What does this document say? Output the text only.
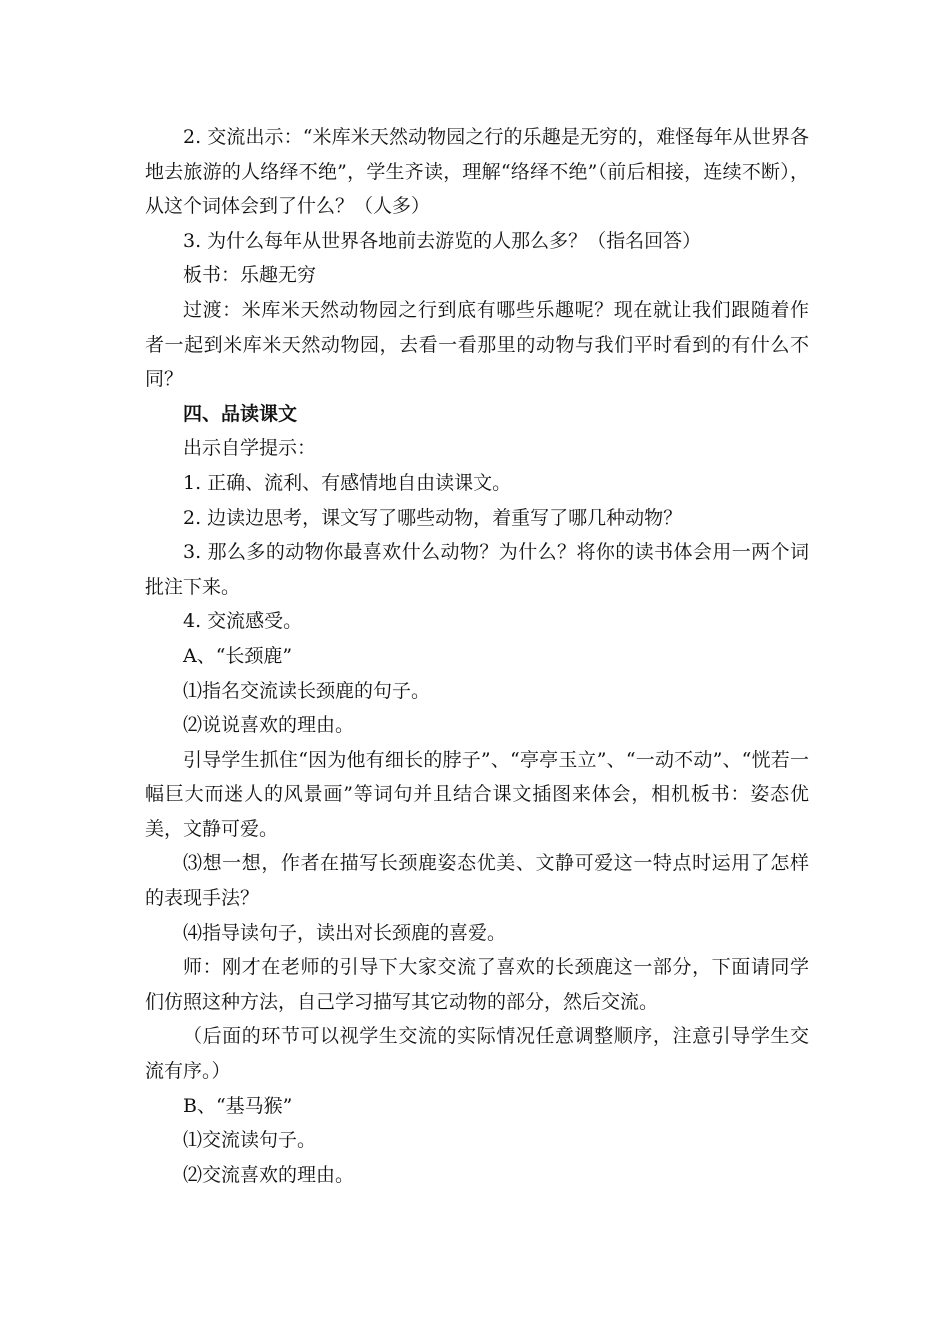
2. 交流出示：“米库米天然动物园之行的乐趣是无穷的，难怪每年从世界各地去旅游的人络绎不绝”，学生齐读，理解“络绎不绝”（前后相接，连续不断），从这个词体会到了什么？（人多）

3. 为什么每年从世界各地前去游览的人那么多？（指名回答）

板书：乐趣无穷

过渡：米库米天然动物园之行到底有哪些乐趣呢？现在就让我们跟随着作者一起到米库米天然动物园，去看一看那里的动物与我们平时看到的有什么不同？

四、品读课文

出示自学提示：

1. 正确、流利、有感情地自由读课文。

2. 边读边思考，课文写了哪些动物，着重写了哪几种动物？

3. 那么多的动物你最喜欢什么动物？为什么？将你的读书体会用一两个词批注下来。

4. 交流感受。

A、“长颈鹿”

⑴指名交流读长颈鹿的句子。

⑵说说喜欢的理由。

引导学生抓住“因为他有细长的脖子”、“亭亭玉立”、“一动不动”、“恍若一幅巨大而迷人的风景画”等词句并且结合课文插图来体会，相机板书：姿态优美，文静可爱。

⑶想一想，作者在描写长颈鹿姿态优美、文静可爱这一特点时运用了怎样的表现手法？

⑷指导读句子，读出对长颈鹿的喜爱。

师：刚才在老师的引导下大家交流了喜欢的长颈鹿这一部分，下面请同学们仿照这种方法，自己学习描写其它动物的部分，然后交流。

（后面的环节可以视学生交流的实际情况任意调整顺序，注意引导学生交流有序。）

B、“基马猴”

⑴交流读句子。

⑵交流喜欢的理由。
